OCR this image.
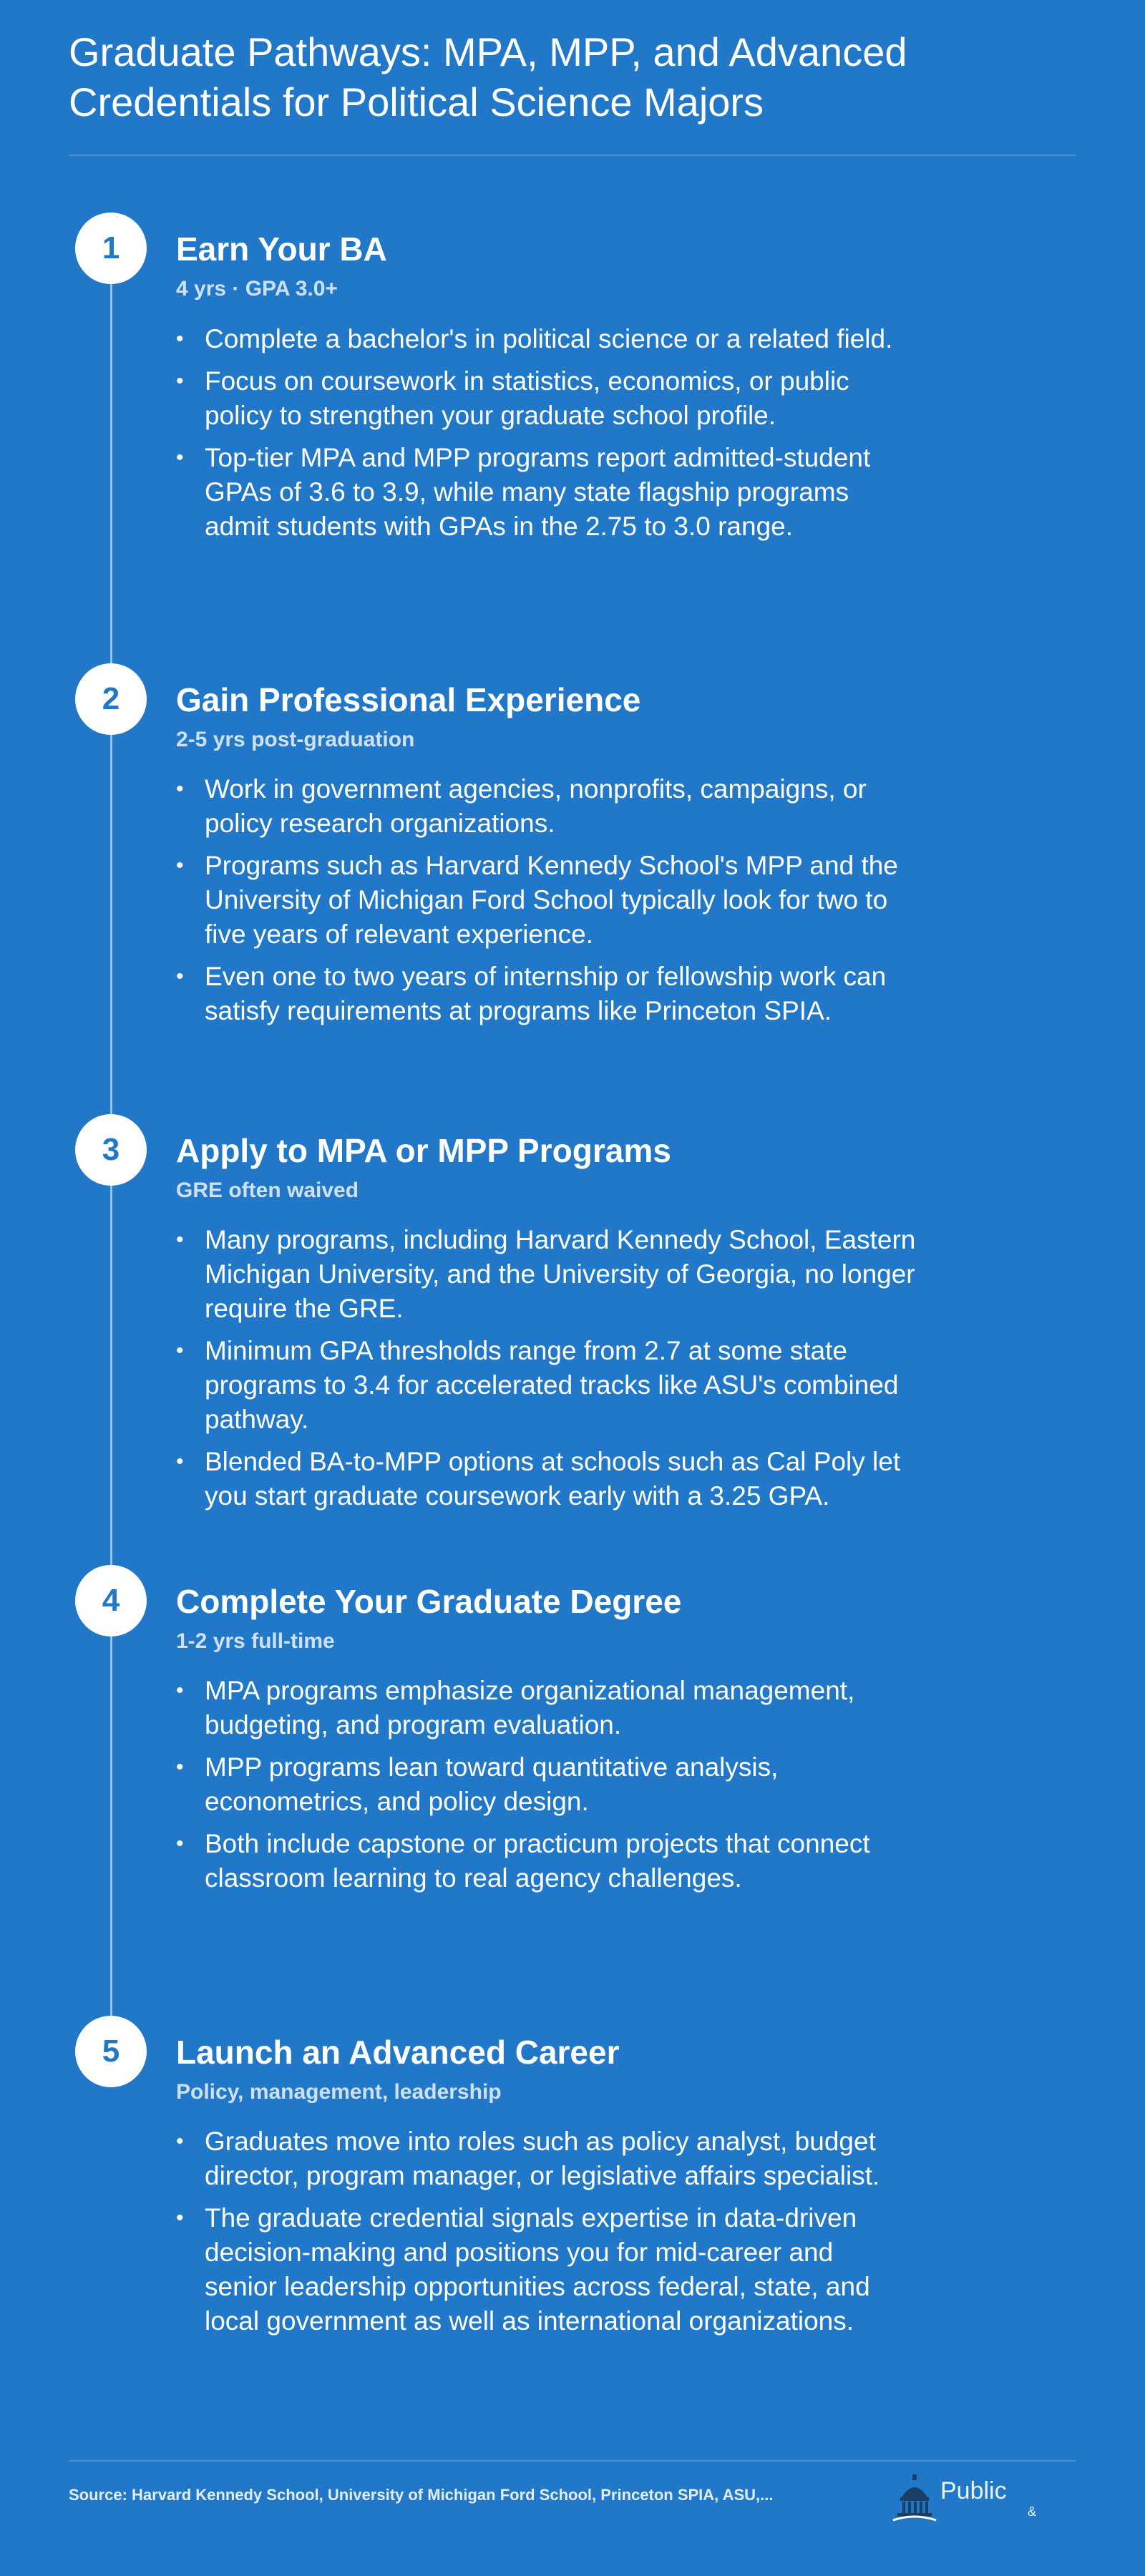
Graduate Pathways: MPA, MPP, and Advanced Credentials for Political Science Majors
1	Earn Your BA
4 yrs · GPA 3.0+
• Complete a bachelor's in political science or a related field.
• Focus on coursework in statistics, economics, or public policy to strengthen your graduate school profile.
• Top-tier MPA and MPP programs report admitted-student GPAs of 3.6 to 3.9, while many state flagship programs admit students with GPAs in the 2.75 to 3.0 range.
2	Gain Professional Experience
2-5 yrs post-graduation
• Work in government agencies, nonprofits, campaigns, or policy research organizations.
• Programs such as Harvard Kennedy School's MPP and the University of Michigan Ford School typically look for two to five years of relevant experience.
• Even one to two years of internship or fellowship work can satisfy requirements at programs like Princeton SPIA.
3	Apply to MPA or MPP Programs
GRE often waived
• Many programs, including Harvard Kennedy School, Eastern Michigan University, and the University of Georgia, no longer require the GRE.
• Minimum GPA thresholds range from 2.7 at some state programs to 3.4 for accelerated tracks like ASU's combined pathway.
• Blended BA-to-MPP options at schools such as Cal Poly let you start graduate coursework early with a 3.25 GPA.
4	Complete Your Graduate Degree
1-2 yrs full-time
• MPA programs emphasize organizational management, budgeting, and program evaluation.
• MPP programs lean toward quantitative analysis, econometrics, and policy design.
• Both include capstone or practicum projects that connect classroom learning to real agency challenges.
5	Launch an Advanced Career
Policy, management, leadership
• Graduates move into roles such as policy analyst, budget director, program manager, or legislative affairs specialist.
• The graduate credential signals expertise in data-driven decision-making and positions you for mid-career and senior leadership opportunities across federal, state, and local government as well as international organizations.
Source: Harvard Kennedy School, University of Michigan Ford School, Princeton SPIA, ASU,...	Public
&
